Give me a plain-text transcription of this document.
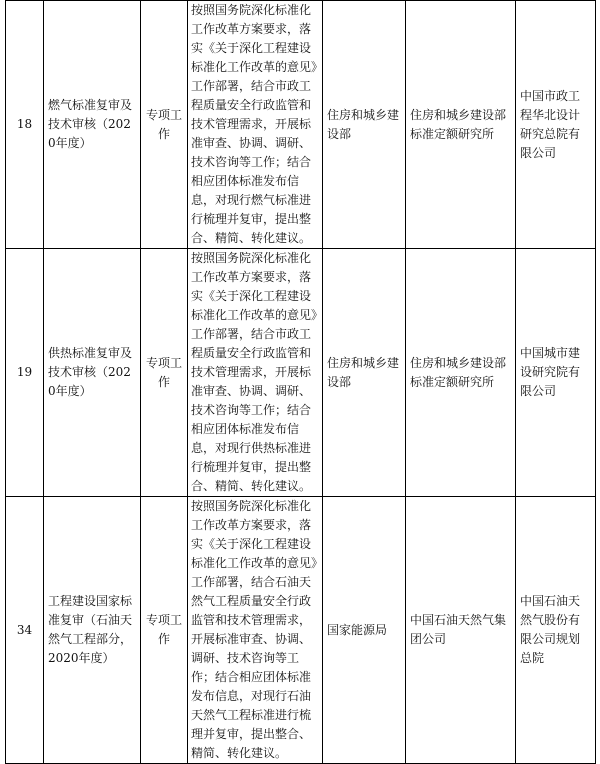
18	燃气标准复审及技术审核（2020年度）	专项工作	按照国务院深化标准化工作改革方案要求，落实《关于深化工程建设标准化工作改革的意见》工作部署，结合市政工程质量安全行政监管和技术管理需求，开展标准审查、协调、调研、技术咨询等工作；结合相应团体标准发布信息，对现行燃气标准进行梳理并复审，提出整合、精简、转化建议。	住房和城乡建设部	住房和城乡建设部标准定额研究所	中国市政工程华北设计研究总院有限公司
19	供热标准复审及技术审核（2020年度）	专项工作	按照国务院深化标准化工作改革方案要求，落实《关于深化工程建设标准化工作改革的意见》工作部署，结合市政工程质量安全行政监管和技术管理需求，开展标准审查、协调、调研、技术咨询等工作；结合相应团体标准发布信息，对现行供热标准进行梳理并复审，提出整合、精简、转化建议。	住房和城乡建设部	住房和城乡建设部标准定额研究所	中国城市建设研究院有限公司
34	工程建设国家标准复审（石油天然气工程部分，2020年度）	专项工作	按照国务院深化标准化工作改革方案要求，落实《关于深化工程建设标准化工作改革的意见》工作部署，结合石油天然气工程质量安全行政监管和技术管理需求，开展标准审查、协调、调研、技术咨询等工作；结合相应团体标准发布信息，对现行石油天然气工程标准进行梳理并复审，提出整合、精简、转化建议。	国家能源局	中国石油天然气集团公司	中国石油天然气股份有限公司规划总院
